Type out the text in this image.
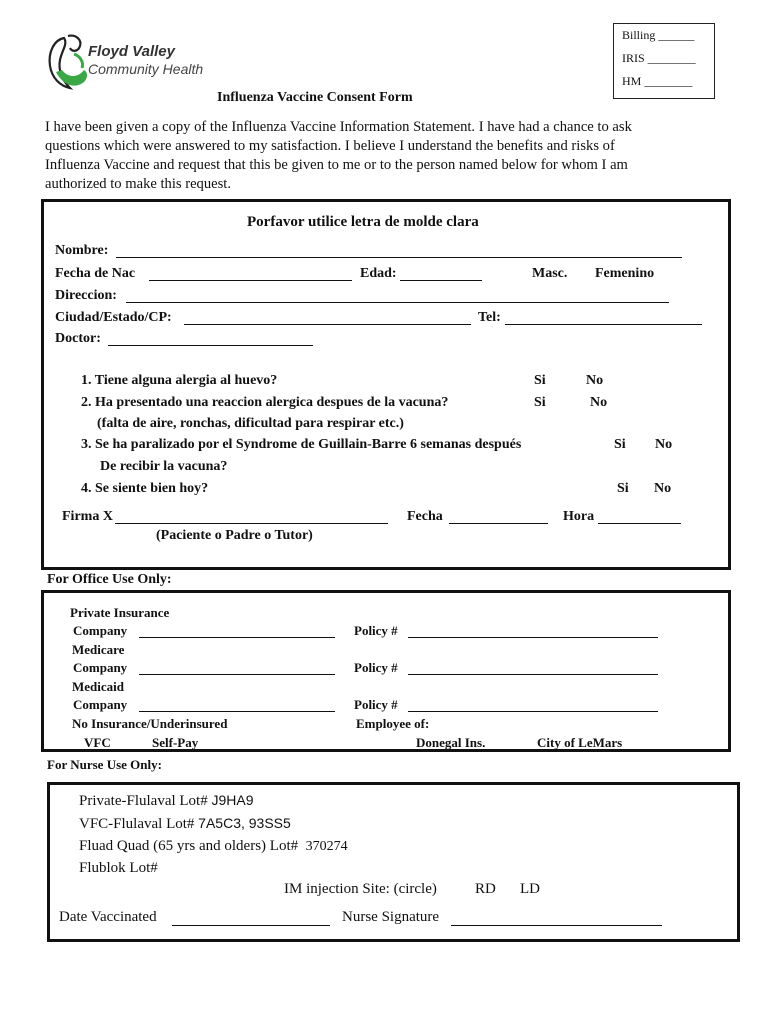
Floyd Valley
Community Health
Billing ______
IRIS ________
HM ________
Influenza Vaccine Consent Form
I have been given a copy of the Influenza Vaccine Information Statement. I have had a chance to ask
questions which were answered to my satisfaction. I believe I understand the benefits and risks of
Influenza Vaccine and request that this be given to me or to the person named below for whom I am
authorized to make this request.
Porfavor utilice letra de molde clara
Nombre:
Fecha de Nac	Edad:	Masc. Femenino
Direccion:
Ciudad/Estado/CP:	Tel:
Doctor:
1. Tiene alguna alergia al huevo?	Si	No
2. Ha presentado una reaccion alergica despues de la vacuna?	Si	No
(falta de aire, ronchas, dificultad para respirar etc.)
3. Se ha paralizado por el Syndrome de Guillain-Barre 6 semanas después	Si No
De recibir la vacuna?
4. Se siente bien hoy?	Si No
Firma X	Fecha	Hora
(Paciente o Padre o Tutor)
For Office Use Only:
Private Insurance
Company	Policy #
Medicare
Company	Policy #
Medicaid
Company	Policy #
No Insurance/Underinsured	Employee of:
VFC	Self-Pay	Donegal Ins.	City of LeMars
For Nurse Use Only:
Private-Flulaval Lot# J9HA9
VFC-Flulaval Lot# 7A5C3, 93SS5
Fluad Quad (65 yrs and olders) Lot# 370274
Flublok Lot#
IM injection Site: (circle)	RD LD
Date Vaccinated	Nurse Signature
